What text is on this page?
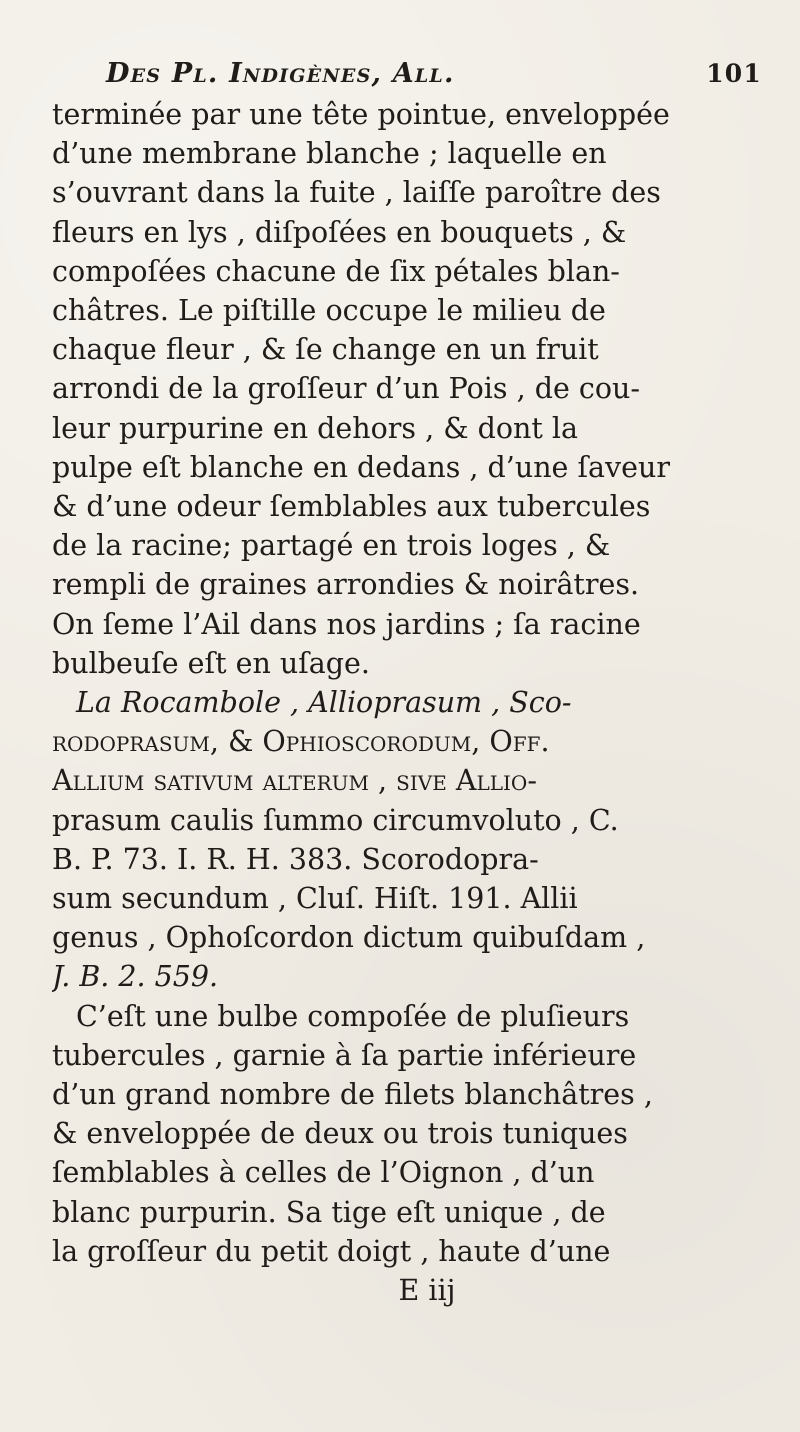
Des Pl. Indigènes, All.	101
terminée par une tête pointue, enveloppée
d’une membrane blanche ; laquelle en
s’ouvrant dans la fuite , laiſſe paroître des
fleurs en lys , diſpoſées en bouquets , &
compoſées chacune de ſix pétales blan-
châtres. Le piſtille occupe le milieu de
chaque fleur , & ſe change en un fruit
arrondi de la groſſeur d’un Pois , de cou-
leur purpurine en dehors , & dont la
pulpe eſt blanche en dedans , d’une ſaveur
& d’une odeur ſemblables aux tubercules
de la racine; partagé en trois loges , &
rempli de graines arrondies & noirâtres.
On ſeme l’Ail dans nos jardins ; ſa racine
bulbeuſe eſt en uſage.
La Rocambole , Alliοprasum , Sco-
rodoprasum, & Ophioscorodum, Off.
Allium sativum alterum , ſive Allio-
prasum caulis ſummo circumvoluto , C.
B. P. 73. I. R. H. 383. Scorodopra-
sum secundum , Cluſ. Hiſt. 191. Allii
genus , Ophoſcordon dictum quibuſdam ,
J. B. 2. 559.
C’eſt une bulbe compoſée de pluſieurs
tubercules , garnie à ſa partie inférieure
d’un grand nombre de filets blanchâtres ,
& enveloppée de deux ou trois tuniques
ſemblables à celles de l’Oignon , d’un
blanc purpurin. Sa tige eſt unique , de
la groſſeur du petit doigt , haute d’une
E iij
